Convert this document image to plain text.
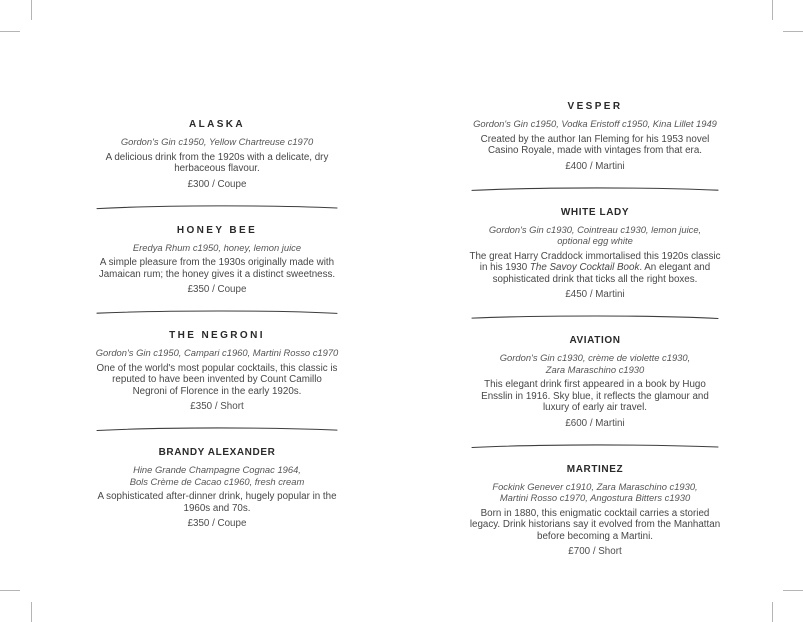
ALASKA

Gordon's Gin c1950, Yellow Chartreuse c1970

A delicious drink from the 1920s with a delicate, dry herbaceous flavour.

£300 / Coupe

HONEY BEE

Eredya Rhum c1950, honey, lemon juice

A simple pleasure from the 1930s originally made with Jamaican rum; the honey gives it a distinct sweetness.

£350 / Coupe

THE NEGRONI

Gordon's Gin c1950, Campari c1960, Martini Rosso c1970

One of the world's most popular cocktails, this classic is reputed to have been invented by Count Camillo Negroni of Florence in the early 1920s.

£350 / Short

BRANDY ALEXANDER

Hine Grande Champagne Cognac 1964,
Bols Crème de Cacao c1960, fresh cream

A sophisticated after-dinner drink, hugely popular in the 1960s and 70s.

£350 / Coupe

VESPER

Gordon's Gin c1950, Vodka Eristoff c1950, Kina Lillet 1949

Created by the author Ian Fleming for his 1953 novel Casino Royale, made with vintages from that era.

£400 / Martini

WHITE LADY

Gordon's Gin c1930, Cointreau c1930, lemon juice,
optional egg white

The great Harry Craddock immortalised this 1920s classic in his 1930 The Savoy Cocktail Book. An elegant and sophisticated drink that ticks all the right boxes.

£450 / Martini

AVIATION

Gordon's Gin c1930, crème de violette c1930,
Zara Maraschino c1930

This elegant drink first appeared in a book by Hugo Ensslin in 1916. Sky blue, it reflects the glamour and luxury of early air travel.

£600 / Martini

MARTINEZ

Fockink Genever c1910, Zara Maraschino c1930,
Martini Rosso c1970, Angostura Bitters c1930

Born in 1880, this enigmatic cocktail carries a storied legacy. Drink historians say it evolved from the Manhattan before becoming a Martini.

£700 / Short
